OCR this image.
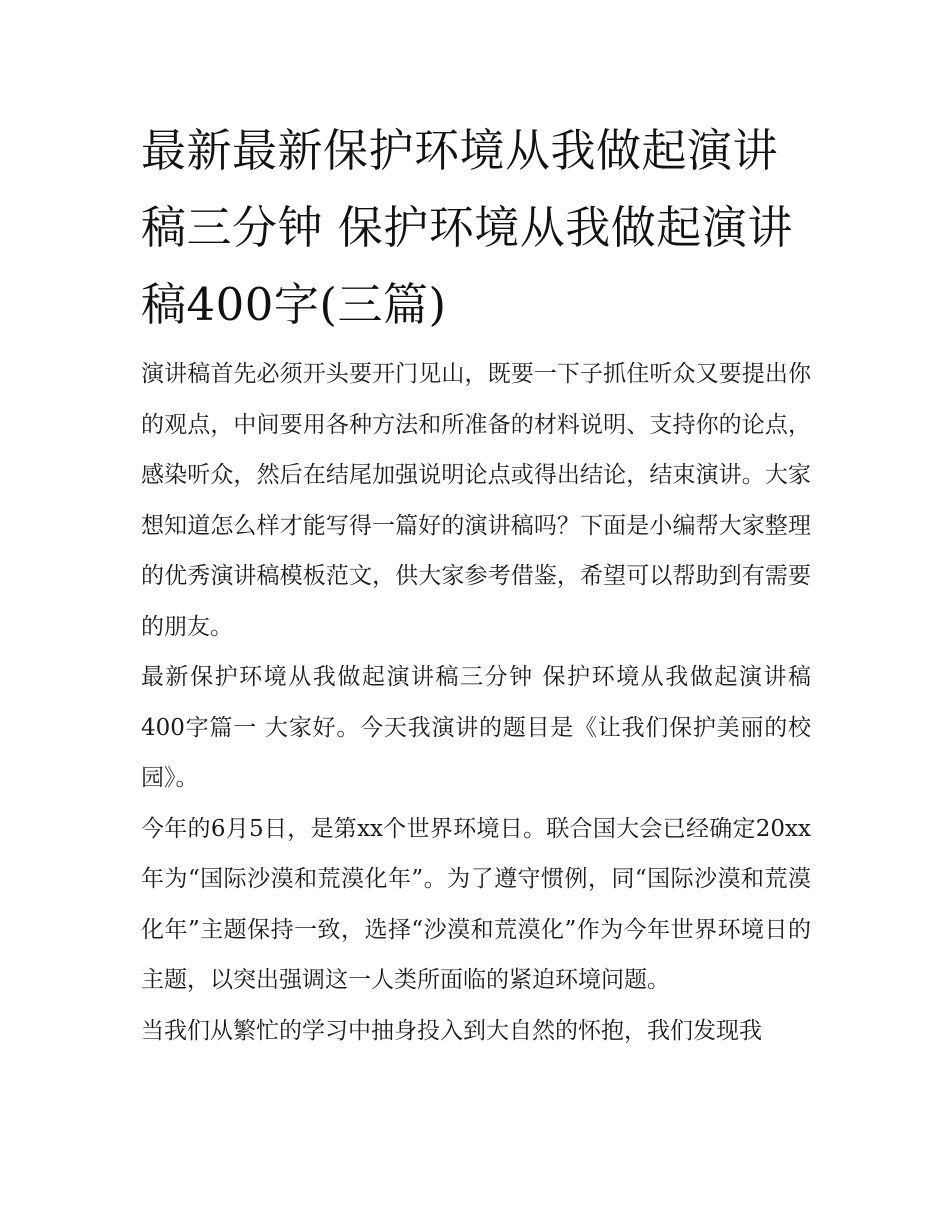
最新最新保护环境从我做起演讲稿三分钟 保护环境从我做起演讲稿400字(三篇)

演讲稿首先必须开头要开门见山，既要一下子抓住听众又要提出你的观点，中间要用各种方法和所准备的材料说明、支持你的论点，感染听众，然后在结尾加强说明论点或得出结论，结束演讲。大家想知道怎么样才能写得一篇好的演讲稿吗？下面是小编帮大家整理的优秀演讲稿模板范文，供大家参考借鉴，希望可以帮助到有需要的朋友。

最新保护环境从我做起演讲稿三分钟 保护环境从我做起演讲稿400字篇一 大家好。今天我演讲的题目是《让我们保护美丽的校园》。

今年的6月5日，是第xx个世界环境日。联合国大会已经确定20xx年为“国际沙漠和荒漠化年”。为了遵守惯例，同“国际沙漠和荒漠化年”主题保持一致，选择“沙漠和荒漠化”作为今年世界环境日的主题，以突出强调这一人类所面临的紧迫环境问题。

当我们从繁忙的学习中抽身投入到大自然的怀抱，我们发现我
